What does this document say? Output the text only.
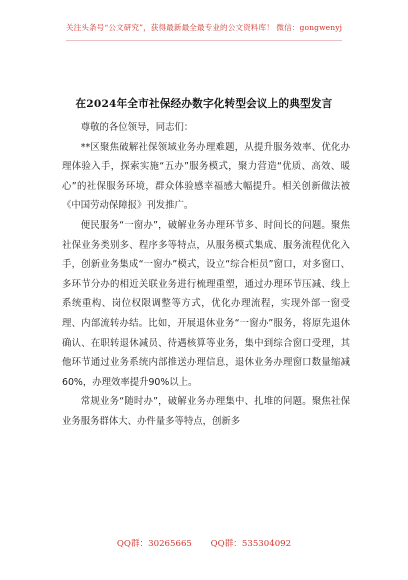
关注头条号“公文研究”，获得最新最全最专业的公文资料库！ 微信：gongwenyj
在2024年全市社保经办数字化转型会议上的典型发言

尊敬的各位领导，同志们：

**区聚焦破解社保领域业务办理难题，从提升服务效率、优化办理体验入手，探索实施“五办”服务模式，聚力营造“优质、高效、暖心”的社保服务环境，群众体验感幸福感大幅提升。相关创新做法被《中国劳动保障报》刊发推广。

便民服务“一窗办”，破解业务办理环节多、时间长的问题。聚焦社保业务类别多、程序多等特点，从服务模式集成、服务流程优化入手，创新业务集成“一窗办”模式，设立“综合柜员”窗口，对多窗口、多环节分办的相近关联业务进行梳理重塑，通过办理环节压减、线上系统重构、岗位权限调整等方式，优化办理流程，实现外部一窗受理、内部流转办结。比如，开展退休业务“一窗办”服务，将原先退休确认、在职转退休减员、待遇核算等业务，集中到综合窗口受理，其他环节通过业务系统内部推送办理信息，退休业务办理窗口数量缩减60%，办理效率提升90%以上。

常规业务“随时办”，破解业务办理集中、扎堆的问题。聚焦社保业务服务群体大、办件量多等特点，创新多

QQ群：30265665 QQ群：535304092
